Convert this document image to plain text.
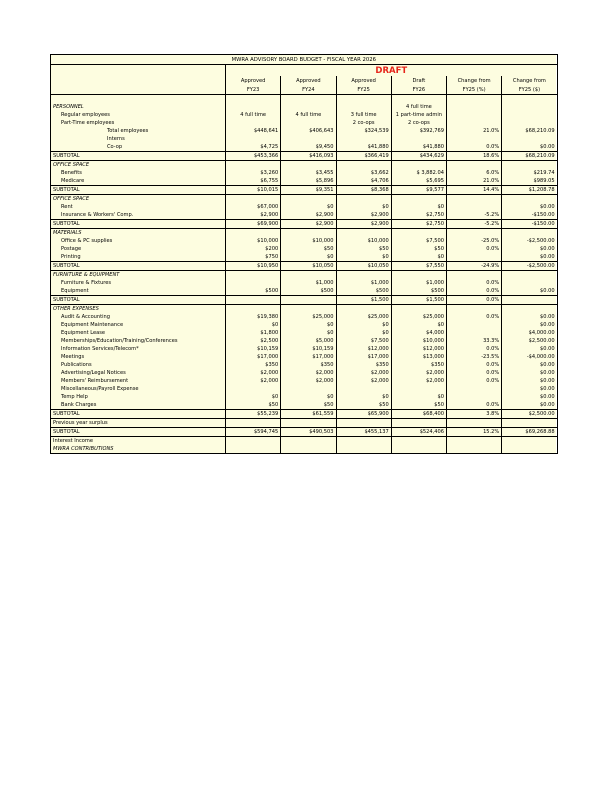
MWRA ADVISORY BOARD BUDGET - FISCAL YEAR 2026						
	DRAFT					
	Approved	Approved	Approved	Draft	Change from	Change from
	FY23	FY24	FY25	FY26	FY25 (%)	FY25 ($)

PERSONNEL				4 full time		
Regular employees	4 full time	4 full time	3 full time	1 part-time admin		
Part-Time employees			2 co-ops	2 co-ops		
Total employees	$448,641	$406,643	$324,539	$392,769	21.0%	$68,210.09
Interns						
Co-op	$4,725	$9,450	$41,880	$41,880	0.0%	$0.00
SUBTOTAL	$453,366	$416,093	$366,419	$434,629	18.6%	$68,210.09
OFFICE SPACE						
Benefits	$3,260	$3,455	$3,662	$ 3,882.04	6.0%	$219.74
Medicare	$6,755	$5,896	$4,706	$5,695	21.0%	$989.05
SUBTOTAL	$10,015	$9,351	$8,368	$9,577	14.4%	$1,208.78
OFFICE SPACE						
Rent	$67,000	$0	$0	$0		$0.00
Insurance & Workers' Comp.	$2,900	$2,900	$2,900	$2,750	-5.2%	-$150.00
SUBTOTAL	$69,900	$2,900	$2,900	$2,750	-5.2%	-$150.00
MATERIALS						
Office & PC supplies	$10,000	$10,000	$10,000	$7,500	-25.0%	-$2,500.00
Postage	$200	$50	$50	$50	0.0%	$0.00
Printing	$750	$0	$0	$0		$0.00
SUBTOTAL	$10,950	$10,050	$10,050	$7,550	-24.9%	-$2,500.00
FURNITURE & EQUIPMENT						
Furniture & Fixtures		$1,000	$1,000	$1,000	0.0%	
Equipment	$500	$500	$500	$500	0.0%	$0.00
SUBTOTAL			$1,500	$1,500	0.0%	
OTHER EXPENSES						
Audit & Accounting	$19,380	$25,000	$25,000	$25,000	0.0%	$0.00
Equipment Maintenance	$0	$0	$0	$0		$0.00
Equipment Lease	$1,800	$0	$0	$4,000		$4,000.00
Memberships/Education/Training/Conferences	$2,500	$5,000	$7,500	$10,000	33.3%	$2,500.00
Information Services/Telecom*	$10,159	$10,159	$12,000	$12,000	0.0%	$0.00
Meetings	$17,000	$17,000	$17,000	$13,000	-23.5%	-$4,000.00
Publications	$350	$350	$350	$350	0.0%	$0.00
Advertising/Legal Notices	$2,000	$2,000	$2,000	$2,000	0.0%	$0.00
Members' Reimbursement	$2,000	$2,000	$2,000	$2,000	0.0%	$0.00
Miscellaneous/Payroll Expense						$0.00
Temp Help	$0	$0	$0	$0		$0.00
Bank Charges	$50	$50	$50	$50	0.0%	$0.00
SUBTOTAL	$55,239	$61,559	$65,900	$68,400	3.8%	$2,500.00
Previous year surplus						
SUBTOTAL	$594,745	$490,503	$455,137	$524,406	15.2%	$69,268.88
Interest Income						
MWRA CONTRIBUTIONS						
